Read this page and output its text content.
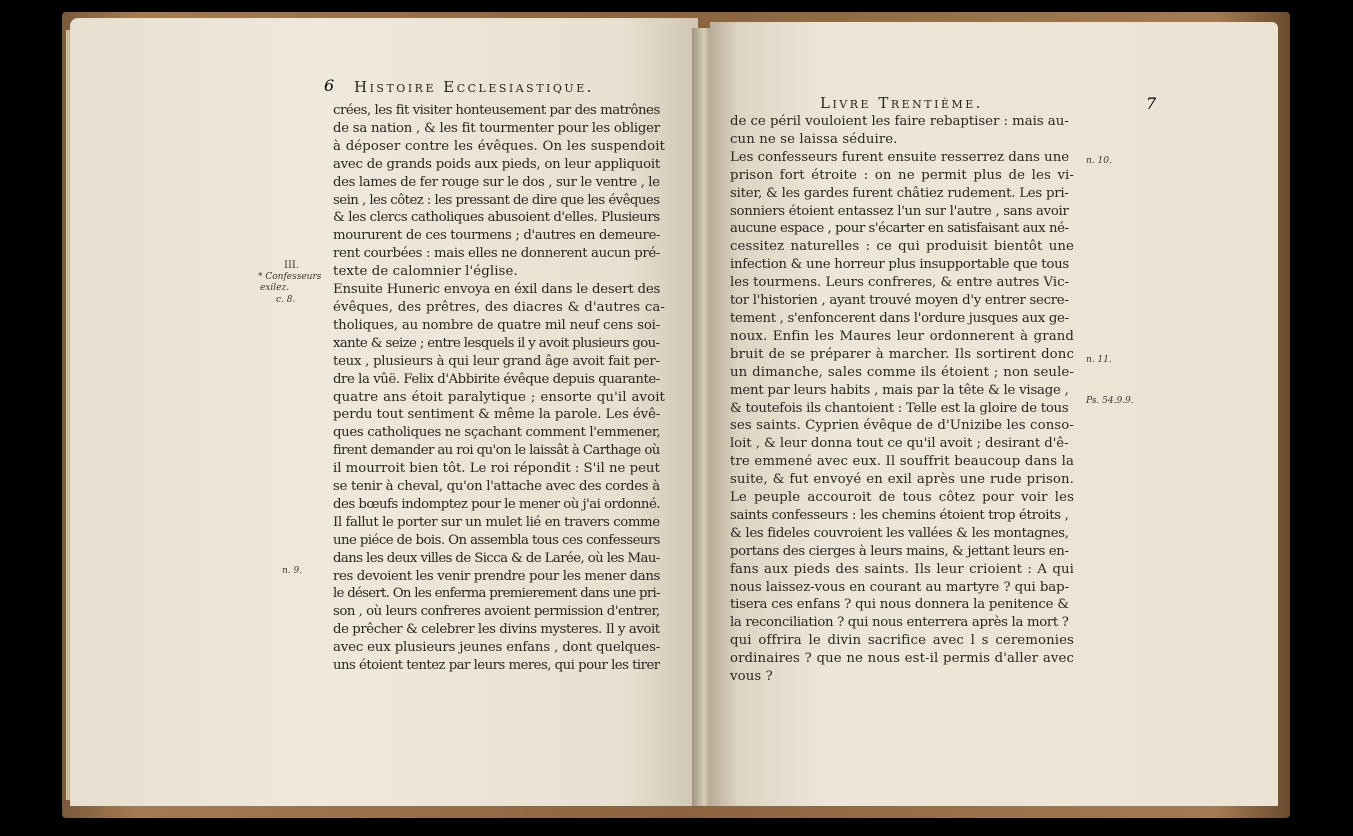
6 Histoire Ecclesiastique.
III.
* Confesseurs
exilez.
c. 8.
n. 9.
crées, les fit visiter honteusement par des matrônes
de sa nation , & les fit tourmenter pour les obliger
à déposer contre les évêques. On les suspendoit
avec de grands poids aux pieds, on leur appliquoit
des lames de fer rouge sur le dos , sur le ventre , le
sein , les côtez : les pressant de dire que les évêques
& les clercs catholiques abusoient d'elles. Plusieurs
moururent de ces tourmens ; d'autres en demeure-
rent courbées : mais elles ne donnerent aucun pré-
texte de calomnier l'église.
Ensuite Huneric envoya en éxil dans le desert des
évêques, des prêtres, des diacres & d'autres ca-
tholiques, au nombre de quatre mil neuf cens soi-
xante & seize ; entre lesquels il y avoit plusieurs gou-
teux , plusieurs à qui leur grand âge avoit fait per-
dre la vûë. Felix d'Abbirite évêque depuis quarante-
quatre ans étoit paralytique ; ensorte qu'il avoit
perdu tout sentiment & même la parole. Les évê-
ques catholiques ne sçachant comment l'emmener,
firent demander au roi qu'on le laissât à Carthage où
il mourroit bien tôt. Le roi répondit : S'il ne peut
se tenir à cheval, qu'on l'attache avec des cordes à
des bœufs indomptez pour le mener où j'ai ordonné.
Il fallut le porter sur un mulet lié en travers comme
une piéce de bois. On assembla tous ces confesseurs
dans les deux villes de Sicca & de Larée, où les Mau-
res devoient les venir prendre pour les mener dans
le désert. On les enferma premierement dans une pri-
son , où leurs confreres avoient permission d'entrer,
de prêcher & celebrer les divins mysteres. Il y avoit
avec eux plusieurs jeunes enfans , dont quelques-
uns étoient tentez par leurs meres, qui pour les tirer
Livre Trentième.	7
n. 10.
n. 11.
Ps. 54.9.9.
de ce péril vouloient les faire rebaptiser : mais au-
cun ne se laissa séduire.
Les confesseurs furent ensuite resserrez dans une
prison fort étroite : on ne permit plus de les vi-
siter, & les gardes furent châtiez rudement. Les pri-
sonniers étoient entassez l'un sur l'autre , sans avoir
aucune espace , pour s'écarter en satisfaisant aux né-
cessitez naturelles : ce qui produisit bientôt une
infection & une horreur plus insupportable que tous
les tourmens. Leurs confreres, & entre autres Vic-
tor l'historien , ayant trouvé moyen d'y entrer secre-
tement , s'enfoncerent dans l'ordure jusques aux ge-
noux. Enfin les Maures leur ordonnerent à grand
bruit de se préparer à marcher. Ils sortirent donc
un dimanche, sales comme ils étoient ; non seule-
ment par leurs habits , mais par la tête & le visage ,
& toutefois ils chantoient : Telle est la gloire de tous
ses saints. Cyprien évêque de d'Unizibe les conso-
loit , & leur donna tout ce qu'il avoit ; desirant d'ê-
tre emmené avec eux. Il souffrit beaucoup dans la
suite, & fut envoyé en exil après une rude prison.
Le peuple accouroit de tous côtez pour voir les
saints confesseurs : les chemins étoient trop étroits ,
& les fideles couvroient les vallées & les montagnes,
portans des cierges à leurs mains, & jettant leurs en-
fans aux pieds des saints. Ils leur crioient : A qui
nous laissez-vous en courant au martyre ? qui bap-
tisera ces enfans ? qui nous donnera la penitence &
la reconciliation ? qui nous enterrera après la mort ?
qui offrira le divin sacrifice avec l s ceremonies
ordinaires ? que ne nous est-il permis d'aller avec
vous ?
